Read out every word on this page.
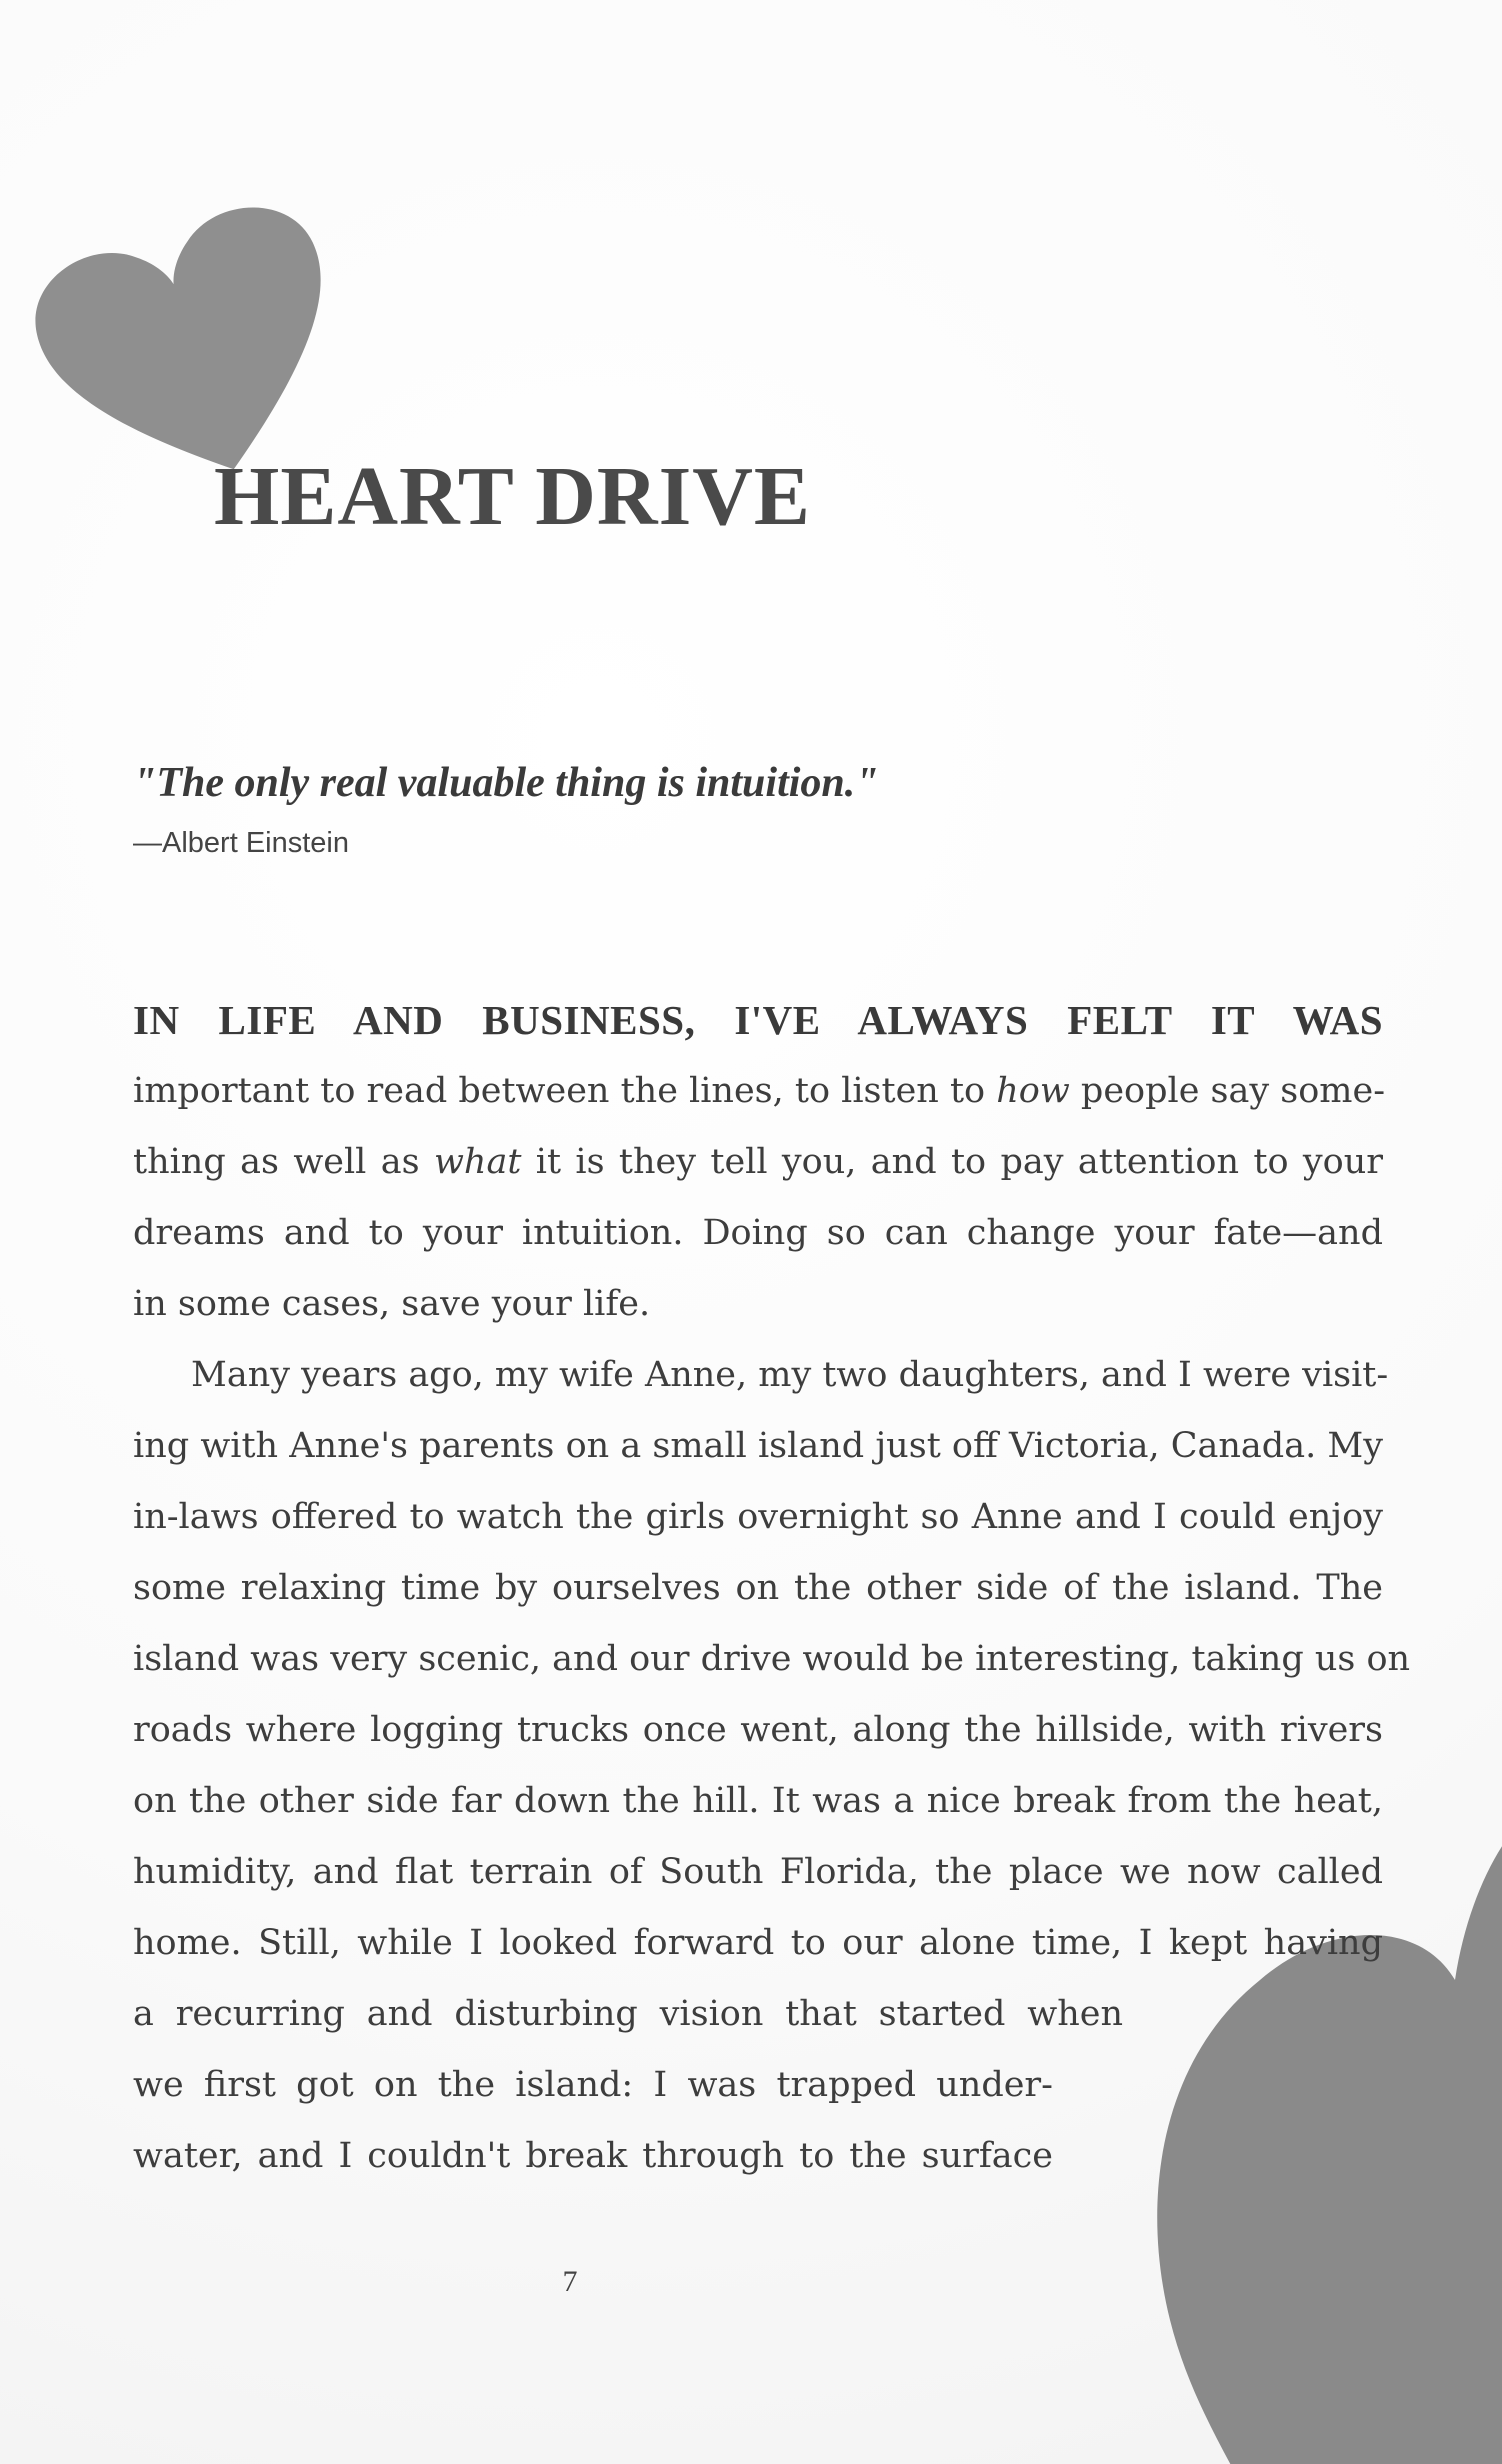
HEART DRIVE

"The only real valuable thing is intuition."

—Albert Einstein

IN LIFE AND BUSINESS, I'VE ALWAYS FELT IT WAS
important to read between the lines, to listen to how people say some-
thing as well as what it is they tell you, and to pay attention to your
dreams and to your intuition. Doing so can change your fate—and
in some cases, save your life.
Many years ago, my wife Anne, my two daughters, and I were visit-
ing with Anne's parents on a small island just off Victoria, Canada. My
in-laws offered to watch the girls overnight so Anne and I could enjoy
some relaxing time by ourselves on the other side of the island. The
island was very scenic, and our drive would be interesting, taking us on
roads where logging trucks once went, along the hillside, with rivers
on the other side far down the hill. It was a nice break from the heat,
humidity, and flat terrain of South Florida, the place we now called
home. Still, while I looked forward to our alone time, I kept having
a recurring and disturbing vision that started when
we first got on the island: I was trapped under-
water, and I couldn't break through to the surface
7
